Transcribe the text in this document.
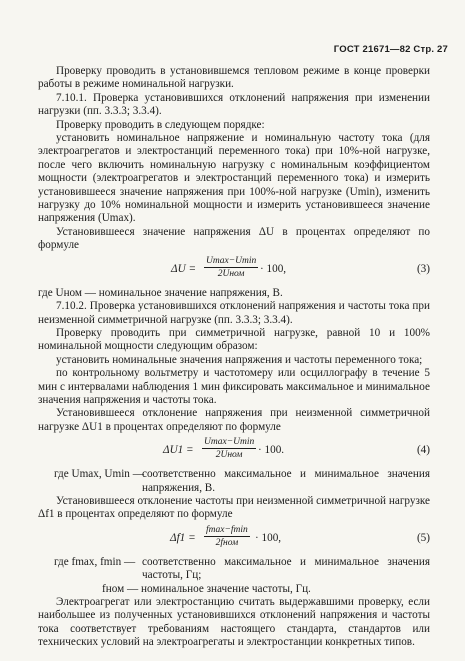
ГОСТ 21671—82 Стр. 27

Проверку проводить в установившемся тепловом режиме в конце проверки работы в режиме номинальной нагрузки.

7.10.1. Проверка установившихся отклонений напряжения при изменении нагрузки (пп. 3.3.3; 3.3.4).

Проверку проводить в следующем порядке:

установить номинальное напряжение и номинальную частоту тока (для электроагрегатов и электростанций переменного тока) при 10%-ной нагрузке, после чего включить номинальную нагрузку с номинальным коэффициентом мощности (электроагрегатов и электростанций переменного тока) и измерить установившееся значение напряжения при 100%-ной нагрузке (Umin), изменить нагрузку до 10% номинальной мощности и измерить установившееся значение напряжения (Umax).

Установившееся значение напряжения ΔU в процентах определяют по формуле

ΔU =
Umax−Umin
2Uном	· 100,	(3)

где Uном — номинальное значение напряжения, В.

7.10.2. Проверка установившихся отклонений напряжения и частоты тока при неизменной симметричной нагрузке (пп. 3.3.3; 3.3.4).

Проверку проводить при симметричной нагрузке, равной 10 и 100% номинальной мощности следующим образом:

установить номинальные значения напряжения и частоты переменного тока;

по контрольному вольтметру и частотомеру или осциллографу в течение 5 мин с интервалами наблюдения 1 мин фиксировать максимальное и минимальное значения напряжения и частоты тока.

Установившееся отклонение напряжения при неизменной симметричной нагрузке ΔU1 в процентах определяют по формуле

ΔU1 =
Umax−Umin
2Uном	· 100.	(4)
где Umax, Umin —

соответственно максимальное и минимальное значения напряжения, В.

Установившееся отклонение частоты при неизменной симметричной нагрузке Δf1 в процентах определяют по формуле

Δf1 =
fmax−fmin
2fном	· 100,	(5)
где fmax, fmin — соответственно максимальное и минимальное значения частоты, Гц;

fном — номинальное значение частоты, Гц.

Электроагрегат или электростанцию считать выдержавшими проверку, если наибольшее из полученных установившихся отклонений напряжения и частоты тока соответствует требованиям настоящего стандарта, стандартов или технических условий на электроагрегаты и электростанции конкретных типов.
